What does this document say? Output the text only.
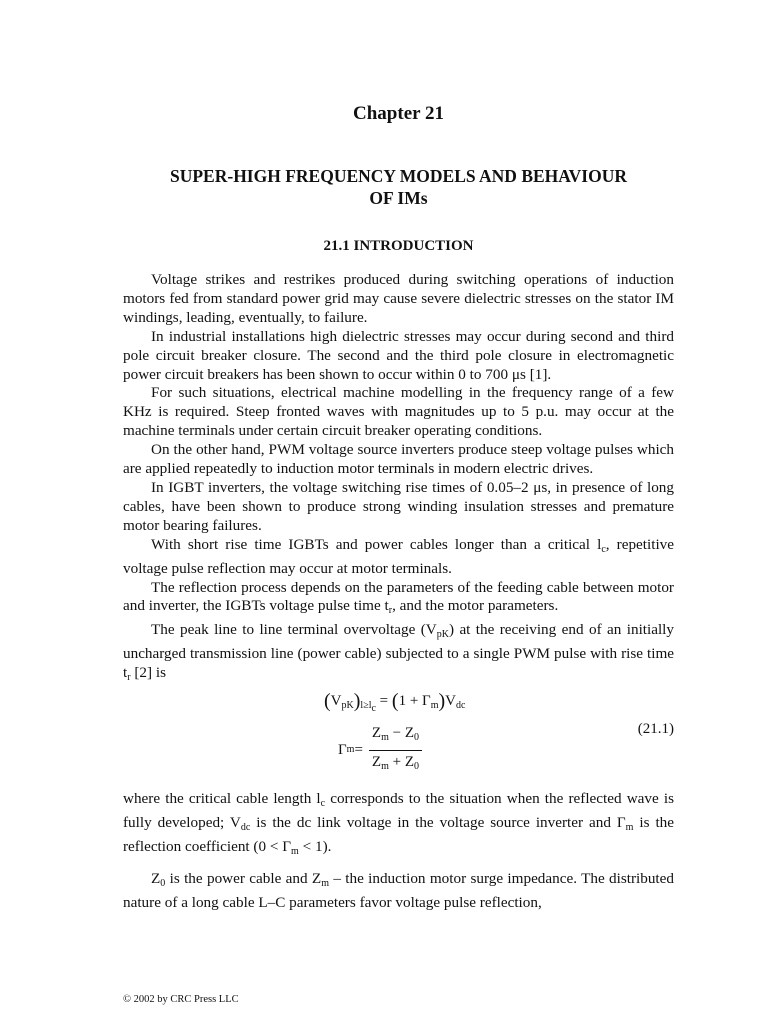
Chapter 21
SUPER-HIGH FREQUENCY MODELS AND BEHAVIOUR
OF IMs
21.1 INTRODUCTION

Voltage strikes and restrikes produced during switching operations of induction motors fed from standard power grid may cause severe dielectric stresses on the stator IM windings, leading, eventually, to failure.

In industrial installations high dielectric stresses may occur during second and third pole circuit breaker closure. The second and the third pole closure in electromagnetic power circuit breakers has been shown to occur within 0 to 700 μs [1].

For such situations, electrical machine modelling in the frequency range of a few KHz is required. Steep fronted waves with magnitudes up to 5 p.u. may occur at the machine terminals under certain circuit breaker operating conditions.

On the other hand, PWM voltage source inverters produce steep voltage pulses which are applied repeatedly to induction motor terminals in modern electric drives.

In IGBT inverters, the voltage switching rise times of 0.05–2 μs, in presence of long cables, have been shown to produce strong winding insulation stresses and premature motor bearing failures.

With short rise time IGBTs and power cables longer than a critical $l_c$, repetitive voltage pulse reflection may occur at motor terminals.

The reflection process depends on the parameters of the feeding cable between motor and inverter, the IGBTs voltage pulse time $t_r$, and the motor parameters.

The peak line to line terminal overvoltage $(V_{pK})$ at the receiving end of an initially uncharged transmission line (power cable) subjected to a single PWM pulse with rise time $t_r$ [2] is

$(V_{pK})_{l\ge l_c} = (1 + \Gamma_m)V_{dc}$
Γ $m = \frac{Z_m - Z_0}{Z_m + Z_0}$	(21.1)

where the critical cable length $l_c$ corresponds to the situation when the reflected wave is fully developed; $V_{dc}$ is the dc link voltage in the voltage source inverter and $\Gamma_m$ is the reflection coefficient $(0 < \Gamma_m < 1)$.

$Z_0$ is the power cable and $Z_m$ – the induction motor surge impedance. The distributed nature of a long cable L–C parameters favor voltage pulse reflection,

© 2002 by CRC Press LLC
